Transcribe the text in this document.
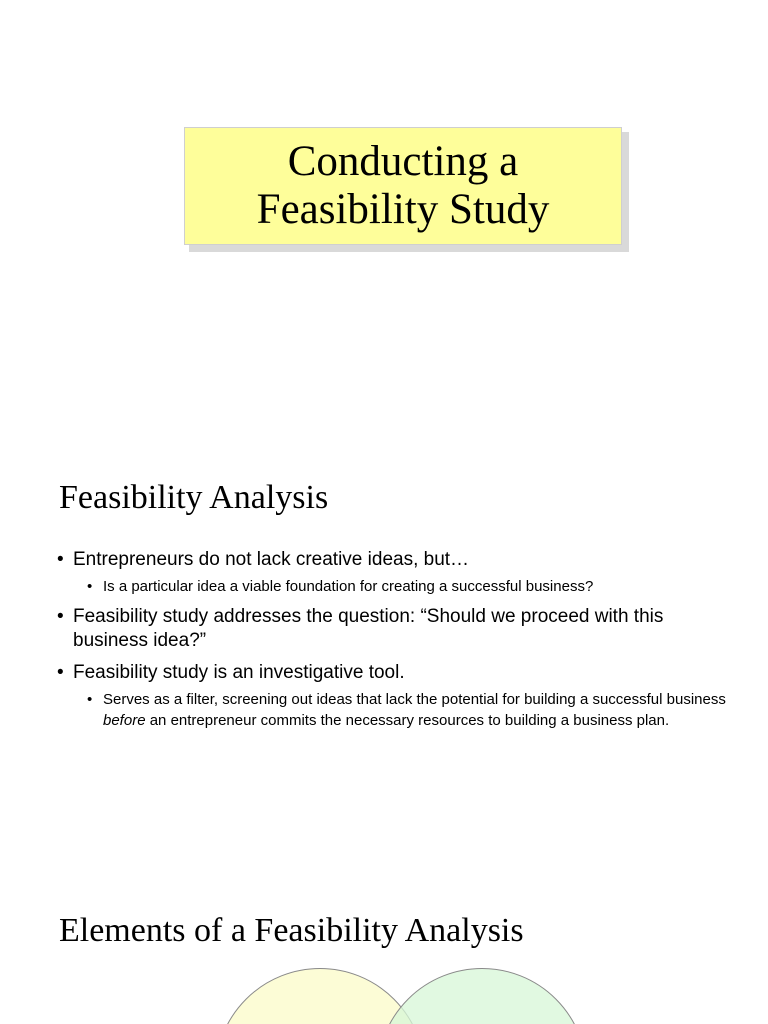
Conducting a
Feasibility Study
Feasibility Analysis
• Entrepreneurs do not lack creative ideas, but…
• Is a particular idea a viable foundation for creating a successful business?
• Feasibility study addresses the question: “Should we proceed with this business idea?”
• Feasibility study is an investigative tool.
• Serves as a filter, screening out ideas that lack the potential for building a successful business before an entrepreneur commits the necessary resources to building a business plan.
Elements of a Feasibility Analysis
